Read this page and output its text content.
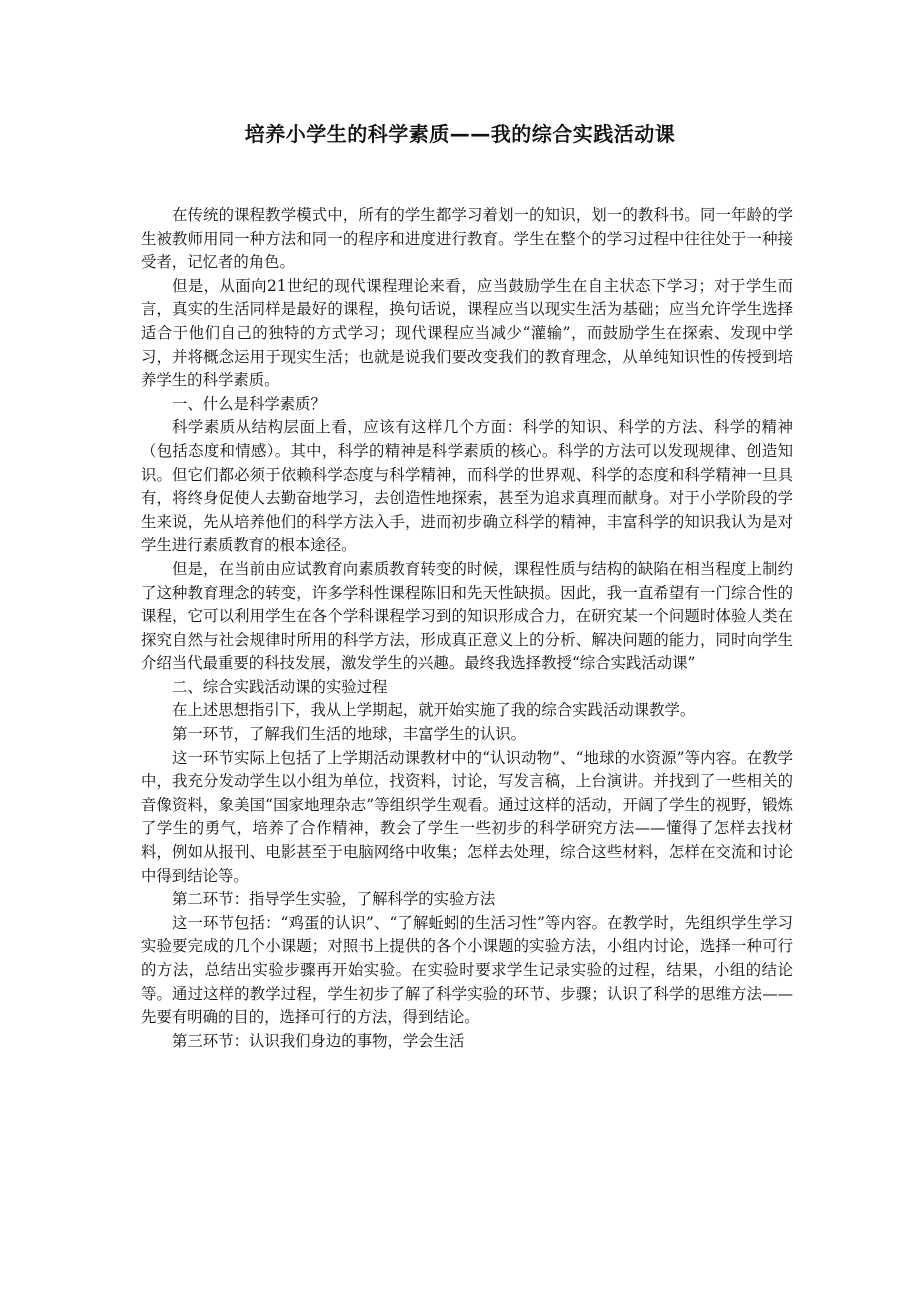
培养小学生的科学素质——我的综合实践活动课

在传统的课程教学模式中，所有的学生都学习着划一的知识，划一的教科书。同一年龄的学生被教师用同一种方法和同一的程序和进度进行教育。学生在整个的学习过程中往往处于一种接受者，记忆者的角色。

但是，从面向21世纪的现代课程理论来看，应当鼓励学生在自主状态下学习；对于学生而言，真实的生活同样是最好的课程，换句话说，课程应当以现实生活为基础；应当允许学生选择适合于他们自己的独特的方式学习；现代课程应当减少“灌输”，而鼓励学生在探索、发现中学习，并将概念运用于现实生活；也就是说我们要改变我们的教育理念，从单纯知识性的传授到培养学生的科学素质。

一、什么是科学素质？

科学素质从结构层面上看，应该有这样几个方面：科学的知识、科学的方法、科学的精神（包括态度和情感）。其中，科学的精神是科学素质的核心。科学的方法可以发现规律、创造知识。但它们都必须于依赖科学态度与科学精神，而科学的世界观、科学的态度和科学精神一旦具有，将终身促使人去勤奋地学习，去创造性地探索，甚至为追求真理而献身。对于小学阶段的学生来说，先从培养他们的科学方法入手，进而初步确立科学的精神，丰富科学的知识我认为是对学生进行素质教育的根本途径。

但是，在当前由应试教育向素质教育转变的时候，课程性质与结构的缺陷在相当程度上制约了这种教育理念的转变，许多学科性课程陈旧和先天性缺损。因此，我一直希望有一门综合性的课程，它可以利用学生在各个学科课程学习到的知识形成合力，在研究某一个问题时体验人类在探究自然与社会规律时所用的科学方法，形成真正意义上的分析、解决问题的能力，同时向学生介绍当代最重要的科技发展，激发学生的兴趣。最终我选择教授“综合实践活动课”

二、综合实践活动课的实验过程

在上述思想指引下，我从上学期起，就开始实施了我的综合实践活动课教学。

第一环节，了解我们生活的地球，丰富学生的认识。

这一环节实际上包括了上学期活动课教材中的“认识动物”、“地球的水资源”等内容。在教学中，我充分发动学生以小组为单位，找资料，讨论，写发言稿，上台演讲。并找到了一些相关的音像资料，象美国“国家地理杂志”等组织学生观看。通过这样的活动，开阔了学生的视野，锻炼了学生的勇气，培养了合作精神，教会了学生一些初步的科学研究方法——懂得了怎样去找材料，例如从报刊、电影甚至于电脑网络中收集；怎样去处理，综合这些材料，怎样在交流和讨论中得到结论等。

第二环节：指导学生实验，了解科学的实验方法

这一环节包括：“鸡蛋的认识”、“了解蚯蚓的生活习性”等内容。在教学时，先组织学生学习实验要完成的几个小课题；对照书上提供的各个小课题的实验方法，小组内讨论，选择一种可行的方法，总结出实验步骤再开始实验。在实验时要求学生记录实验的过程，结果，小组的结论等。通过这样的教学过程，学生初步了解了科学实验的环节、步骤；认识了科学的思维方法——先要有明确的目的，选择可行的方法，得到结论。

第三环节：认识我们身边的事物，学会生活
